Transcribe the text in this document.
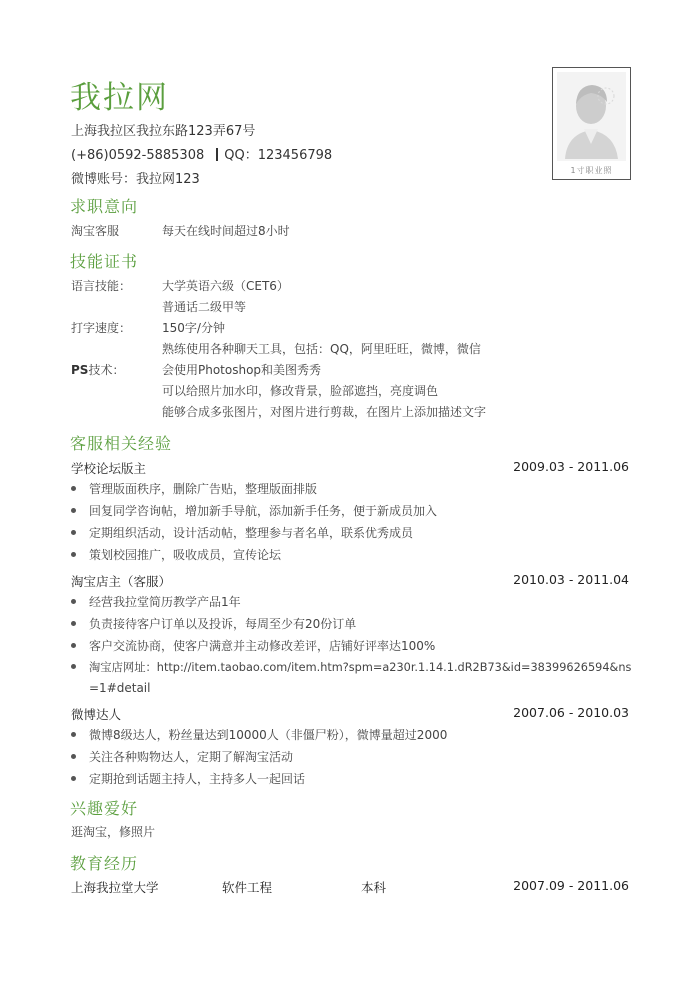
我拉网
上海我拉区我拉东路123弄67号
(+86)0592-5885308 QQ：123456798
微博账号：我拉网123
1寸职业照
求职意向
淘宝客服	每天在线时间超过8小时
技能证书
语言技能：	大学英语六级（CET6）
普通话二级甲等
打字速度：	150字/分钟
熟练使用各种聊天工具，包括：QQ，阿里旺旺，微博，微信
PS技术：	会使用Photoshop和美图秀秀
可以给照片加水印，修改背景，脸部遮挡，亮度调色
能够合成多张图片，对图片进行剪裁，在图片上添加描述文字
客服相关经验
学校论坛版主	2009.03 - 2011.06
管理版面秩序，删除广告贴，整理版面排版
回复同学咨询帖，增加新手导航，添加新手任务，便于新成员加入
定期组织活动，设计活动帖，整理参与者名单，联系优秀成员
策划校园推广，吸收成员，宣传论坛
淘宝店主（客服）	2010.03 - 2011.04
经营我拉堂简历教学产品1年
负责接待客户订单以及投诉，每周至少有20份订单
客户交流协商，使客户满意并主动修改差评，店铺好评率达100%
淘宝店网址：http://item.taobao.com/item.htm?spm=a230r.1.14.1.dR2B73&id=38399626594&ns
=1#detail
微博达人	2007.06 - 2010.03
微博8级达人，粉丝量达到10000人（非僵尸粉），微博量超过2000
关注各种购物达人，定期了解淘宝活动
定期抢到话题主持人，主持多人一起回话
兴趣爱好
逛淘宝，修照片
教育经历
上海我拉堂大学	软件工程	本科	2007.09 - 2011.06
